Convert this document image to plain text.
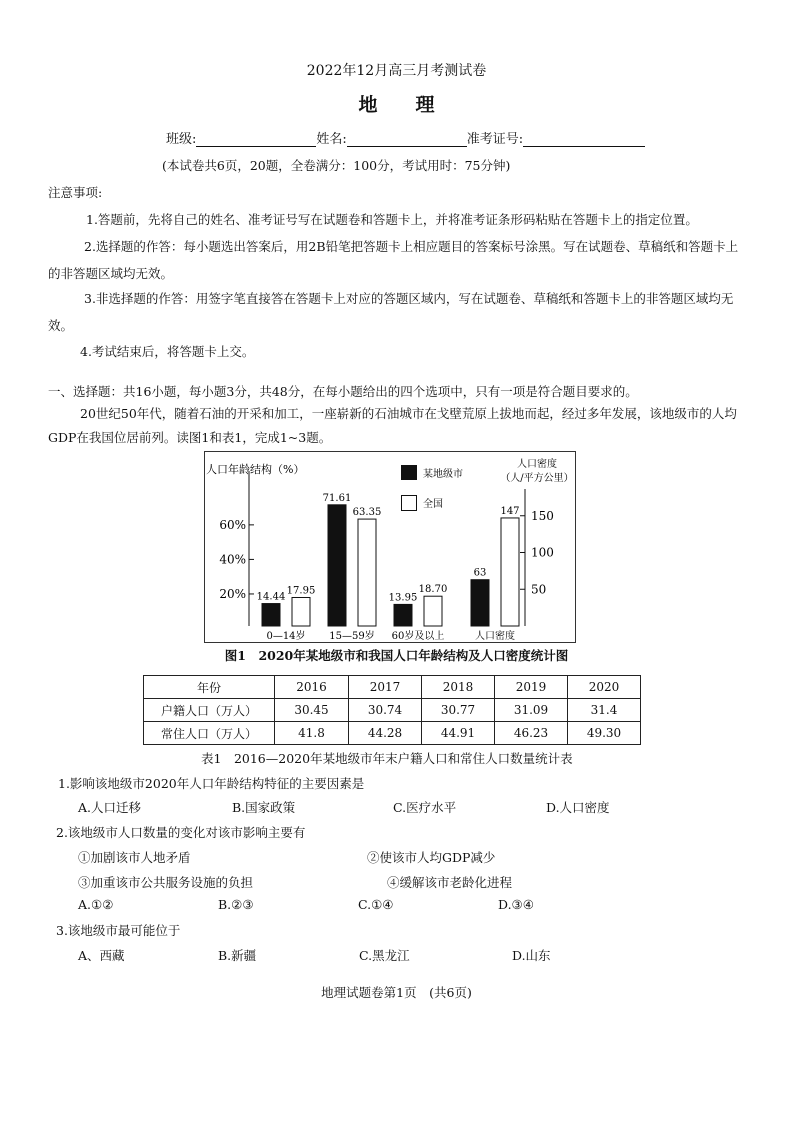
2022年12月高三月考测试卷
地　　理
班级:	姓名:	准考证号:
(本试卷共6页，20题，全卷满分：100分，考试用时：75分钟)
注意事项:
1.答题前，先将自己的姓名、准考证号写在试题卷和答题卡上，并将准考证条形码粘贴在答题卡上的指定位置。
2.选择题的作答：每小题选出答案后，用2B铅笔把答题卡上相应题目的答案标号涂黑。写在试题卷、草稿纸和答题卡上的非答题区域均无效。
3.非选择题的作答：用签字笔直接答在答题卡上对应的答题区域内，写在试题卷、草稿纸和答题卡上的非答题区域均无效。
4.考试结束后，将答题卡上交。
一、选择题：共16小题，每小题3分，共48分，在每小题给出的四个选项中，只有一项是符合题目要求的。
20世纪50年代，随着石油的开采和加工，一座崭新的石油城市在戈壁荒原上拔地而起，经过多年发展，该地级市的人均GDP在我国位居前列。读图1和表1，完成1~3题。
人口年龄结构（%）	人口密度
（人/平方公里）
某地级市
全国
20%
40%
60%
50
100
150
14.44
17.95
0—14岁
71.61
63.35
15—59岁
13.95
18.70
60岁及以上
63
147
人口密度
图1　2020年某地级市和我国人口年龄结构及人口密度统计图
年份	2016	2017	2018	2019	2020
户籍人口（万人）	30.45	30.74	30.77	31.09	31.4
常住人口（万人）	41.8	44.28	44.91	46.23	49.30
表1　2016—2020年某地级市年末户籍人口和常住人口数量统计表
1.影响该地级市2020年人口年龄结构特征的主要因素是
A.人口迁移	B.国家政策	C.医疗水平	D.人口密度
2.该地级市人口数量的变化对该市影响主要有
①加剧该市人地矛盾	②使该市人均GDP减少
③加重该市公共服务设施的负担	④缓解该市老龄化进程
A.①②	B.②③	C.①④	D.③④
3.该地级市最可能位于
A、西藏	B.新疆	C.黑龙江	D.山东
地理试题卷第1页　(共6页)
